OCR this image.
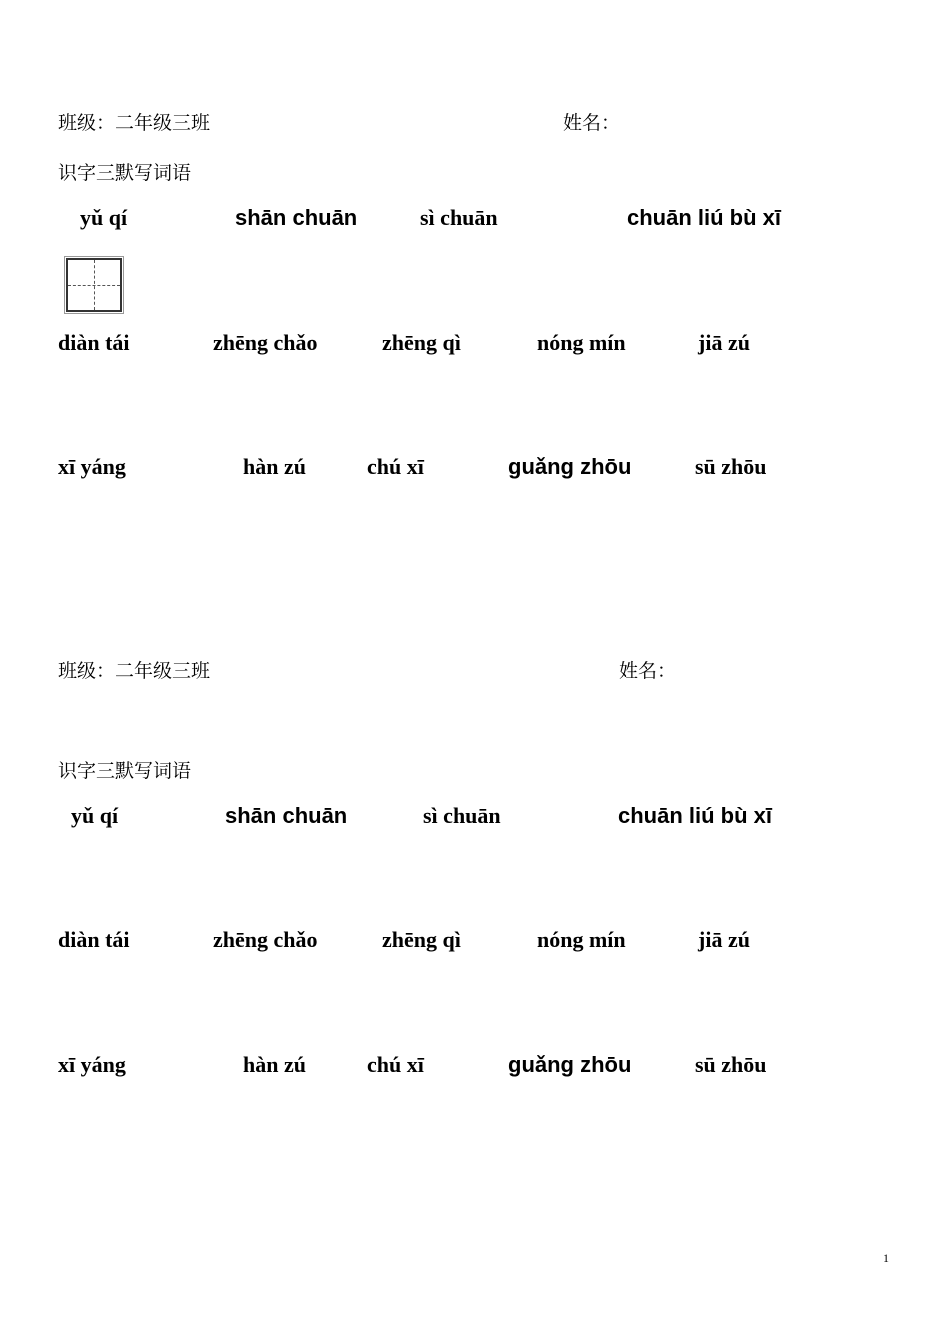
班级：二年级三班	姓名：
识字三默写词语
yǔ qí	shān chuān	sì chuān	chuān liú bù xī
diàn tái	zhēng chǎo	zhēng qì	nóng mín	jiā zú
xī yáng	hàn zú	chú xī	guǎng zhōu	sū zhōu
班级：二年级三班	姓名：
识字三默写词语
yǔ qí	shān chuān	sì chuān	chuān liú bù xī
diàn tái	zhēng chǎo	zhēng qì	nóng mín	jiā zú
xī yáng	hàn zú	chú xī	guǎng zhōu	sū zhōu
1
